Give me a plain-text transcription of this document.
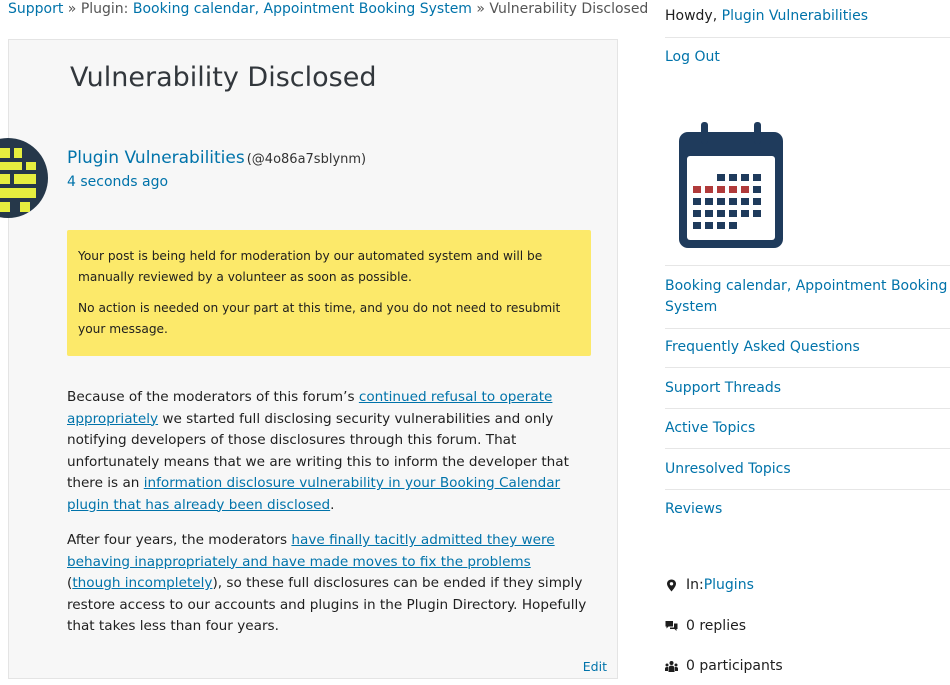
Support » Plugin: Booking calendar, Appointment Booking System » Vulnerability Disclosed
Vulnerability Disclosed
Plugin Vulnerabilities (@4o86a7sblynm)
4 seconds ago

Your post is being held for moderation by our automated system and will be manually reviewed by a volunteer as soon as possible.

No action is needed on your part at this time, and you do not need to resubmit your message.

Because of the moderators of this forum’s continued refusal to operate appropriately we started full disclosing security vulnerabilities and only notifying developers of those disclosures through this forum. That unfortunately means that we are writing this to inform the developer that there is an information disclosure vulnerability in your Booking Calendar plugin that has already been disclosed.

After four years, the moderators have finally tacitly admitted they were behaving inappropriately and have made moves to fix the problems (though incompletely), so these full disclosures can be ended if they simply restore access to our accounts and plugins in the Plugin Directory. Hopefully that takes less than four years.

Edit
Howdy, Plugin Vulnerabilities
Log Out
Booking calendar, Appointment Booking System
Frequently Asked Questions
Support Threads
Active Topics
Unresolved Topics
Reviews
In: Plugins
0 replies
0 participants
